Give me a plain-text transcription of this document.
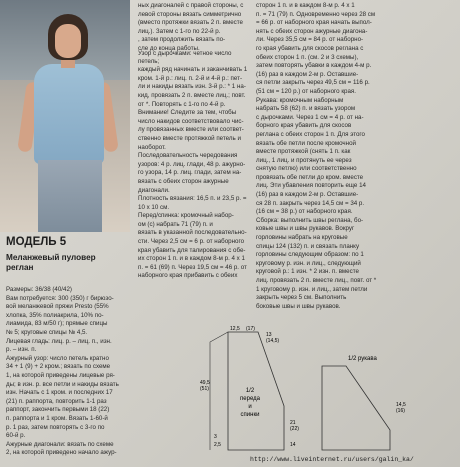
МОДЕЛЬ 5
Меланжевый пуловер
реглан

Размеры: 36/38 (40/42)

Вам потребуется: 300 (350) г бирюзо-

вой меланжевой пряжи Presto (55%

хлопка, 35% полиакрила, 10% по-

лиамида, 83 м/50 г); прямые спицы

№ 5; круговые спицы № 4,5.

Лицевая гладь: лиц. р. – лиц. п., изн.

р. – изн. п.

Ажурный узор: число петель кратно

34 + 1 (9) + 2 кром.; вязать по схеме

1, на которой приведены лицевые ря-

ды; в изн. р. все петли и накиды вязать

изн. Начать с 1 кром. и последних 17

(21) п. раппорта, повторить 1-1 раз

раппорт, закончить первыми 18 (22)

п. раппорта и 1 кром. Вязать 1-60-й

р. 1 раз, затем повторять с 3-го по

60-й р.

Ажурные диагонали: вязать по схеме

2, на которой приведено начало ажур-

ных диагоналей с правой стороны, с

левой стороны вязать симметрично

(вместо протяжки вязать 2 п. вместе

лиц.). Затем с 1-го по 22-й р.

, затем продолжить вязать по-

сле до конца работы.

Узор с дырочками: четное число петель;

каждый ряд начинать и заканчивать 1

кром. 1-й р.: лиц. п. 2-й и 4-й р.: пет-

ли и накиды вязать изн. 3-й р.: * 1 на-

кид, провязать 2 п. вместе лиц.; повт.

от *. Повторять с 1-го по 4-й р.

Внимание! Следите за тем, чтобы

число накидов соответствовало чис-

лу провязанных вместе или соответ-

ственно вместе протяжкой петель и

наоборот.

Последовательность чередования

узоров: 4 р. лиц. глади, 48 р. ажурно-

го узора, 14 р. лиц. глади, затем на-

вязать с обеих сторон ажурные

диагонали.

Плотность вязания: 16,5 п. и 23,5 р. =

10 x 10 см.

Перед/спинка: кромочный набор-

ом (с) набрать 71 (79) п. и

вязать в указанной последовательно-

сти. Через 2,5 см = 6 р. от наборного

края убавить для талирования с обе-

их сторон 1 п. и в каждом 8-м р. 4 x 1

п. = 61 (69) п. Через 19,5 см = 46 р. от

наборного края прибавить с обеих

сторон 1 п. и в каждом 8-м р. 4 x 1

п. = 71 (79) п. Одновременно через 28 см

= 66 р. от наборного края начать выпол-

нять с обеих сторон ажурные диагона-

ли. Через 35,5 см = 84 р. от наборно-

го края убавить для скосов реглана с

обеих сторон 1 п. (см. 2 и 3 схемы),

затем повторять убавки в каждом 4-м р.

(16) раз в каждом 2-м р. Оставшие-

ся петли закрыть через 49,5 см = 116 р.

(51 см = 120 р.) от наборного края.

Рукава: кромочным наборным

набрать 58 (62) п. и вязать узором

с дырочками. Через 1 см = 4 р. от на-

борного края убавить для скосов

реглана с обеих сторон 1 п. Для этого

вязать обе петли после кромочной

вместе протяжкой (снять 1 п. как

лиц., 1 лиц. и протянуть ее через

снятую петлю) или соответственно

провязать обе петли до кром. вместе

лиц. Эти убавления повторить еще 14

(16) раз в каждом 2-м р. Оставшие-

ся 28 п. закрыть через 14,5 см = 34 р.

(16 см = 38 р.) от наборного края.

Сборка: выполнить швы реглана, бо-

ковые швы и швы рукавов. Вокруг

горловины набрать на круговые

спицы 124 (132) п. и связать планку

горловины следующим образом: по 1

круговому р. изн. и лиц., следующий

круговой р.: 1 изн. * 2 изн. п. вместе

лиц. провязать 2 п. вместе лиц., повт. от *

1 круговому р. изн. и лиц., затем петли

закрыть через 5 см. Выполнить

боковые швы и швы рукавов.

1/2
переда
и
спинки
1/2 рукава
12,5 (17)
13
(14,5)
49,5
(51)
21
(22)
2,5
3
14
14,5
(16)
http://www.liveinternet.ru/users/galin_ka/
